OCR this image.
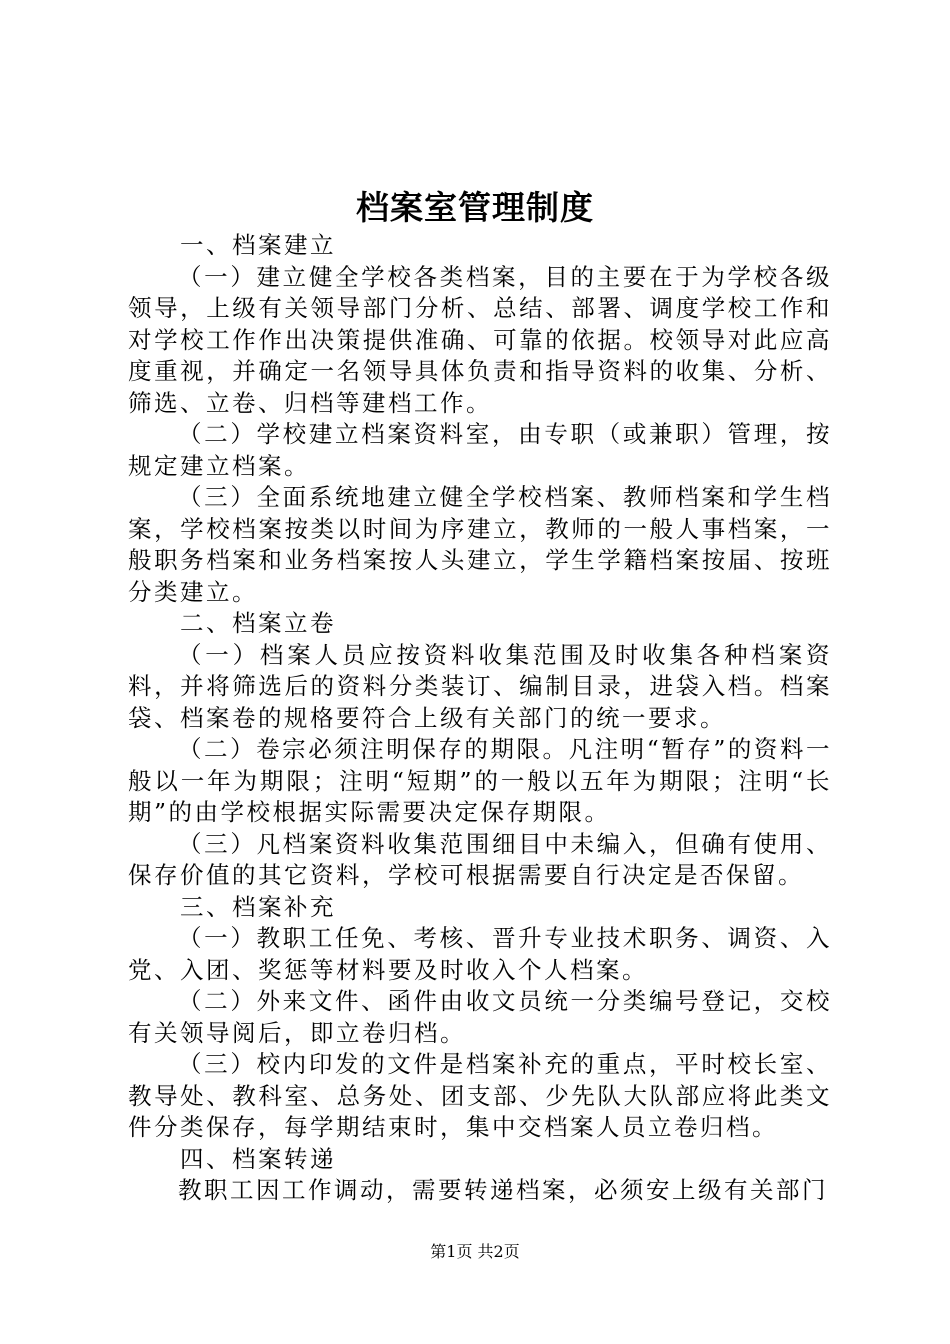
档案室管理制度

一、档案建立

（一）建立健全学校各类档案，目的主要在于为学校各级领导，上级有关领导部门分析、总结、部署、调度学校工作和对学校工作作出决策提供准确、可靠的依据。校领导对此应高度重视，并确定一名领导具体负责和指导资料的收集、分析、筛选、立卷、归档等建档工作。

（二）学校建立档案资料室，由专职（或兼职）管理，按规定建立档案。

（三）全面系统地建立健全学校档案、教师档案和学生档案，学校档案按类以时间为序建立，教师的一般人事档案，一般职务档案和业务档案按人头建立，学生学籍档案按届、按班分类建立。

二、档案立卷

（一）档案人员应按资料收集范围及时收集各种档案资料，并将筛选后的资料分类装订、编制目录，进袋入档。档案袋、档案卷的规格要符合上级有关部门的统一要求。

（二）卷宗必须注明保存的期限。凡注明“暂存”的资料一般以一年为期限；注明“短期”的一般以五年为期限；注明“长期”的由学校根据实际需要决定保存期限。

（三）凡档案资料收集范围细目中未编入，但确有使用、保存价值的其它资料，学校可根据需要自行决定是否保留。

三、档案补充

（一）教职工任免、考核、晋升专业技术职务、调资、入党、入团、奖惩等材料要及时收入个人档案。

（二）外来文件、函件由收文员统一分类编号登记，交校有关领导阅后，即立卷归档。

（三）校内印发的文件是档案补充的重点，平时校长室、教导处、教科室、总务处、团支部、少先队大队部应将此类文件分类保存，每学期结束时，集中交档案人员立卷归档。

四、档案转递

教职工因工作调动，需要转递档案，必须安上级有关部门

第1页 共2页
